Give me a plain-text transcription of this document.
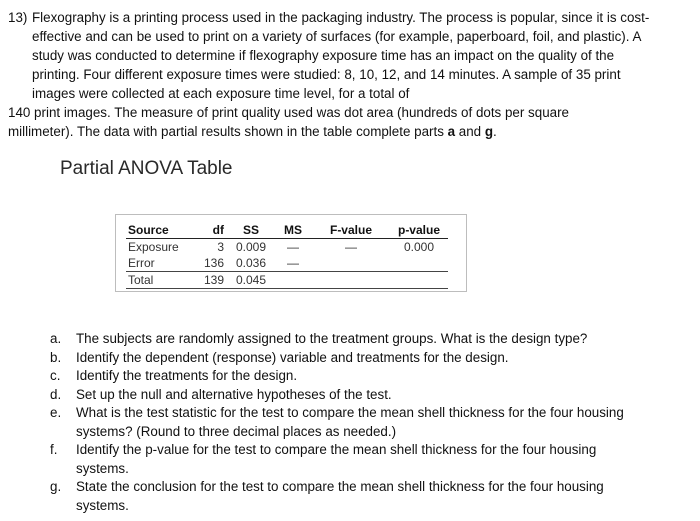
13) Flexography is a printing process used in the packaging industry. The process is popular, since it is cost-
effective and can be used to print on a variety of surfaces (for example, paperboard, foil, and plastic). A
study was conducted to determine if flexography exposure time has an impact on the quality of the
printing. Four different exposure times were studied: 8, 10, 12, and 14 minutes. A sample of 35 print
images were collected at each exposure time level, for a total of
140 print images. The measure of print quality used was dot area (hundreds of dots per square
millimeter). The data with partial results shown in the table complete parts a and g.
Partial ANOVA Table
Source	df	SS	MS	F-value	p-value
Exposure	3	0.009	—	—	0.000
Error	136	0.036	—		
Total	139	0.045			
a.	The subjects are randomly assigned to the treatment groups. What is the design type?
b.	Identify the dependent (response) variable and treatments for the design.
c.	Identify the treatments for the design.
d.	Set up the null and alternative hypotheses of the test.
e.	What is the test statistic for the test to compare the mean shell thickness for the four housing
systems? (Round to three decimal places as needed.)
f.	Identify the p-value for the test to compare the mean shell thickness for the four housing
systems.
g.	State the conclusion for the test to compare the mean shell thickness for the four housing
systems.
